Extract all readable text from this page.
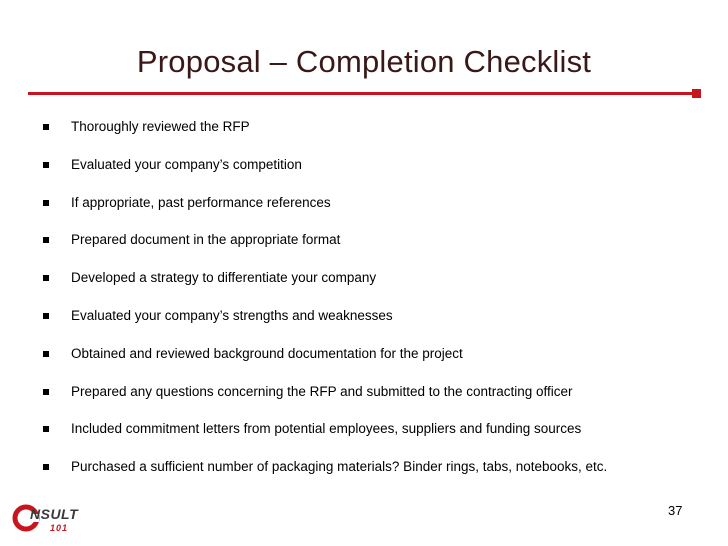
Proposal – Completion Checklist
Thoroughly reviewed the RFP
Evaluated your company’s competition
If appropriate, past performance references
Prepared document in the appropriate format
Developed a strategy to differentiate your company
Evaluated your company’s strengths and weaknesses
Obtained and reviewed background documentation for the project
Prepared any questions concerning the RFP and submitted to the contracting officer
Included commitment letters from potential employees, suppliers and funding sources
Purchased a sufficient number of packaging materials? Binder rings, tabs, notebooks, etc.
NSULT
101
37
